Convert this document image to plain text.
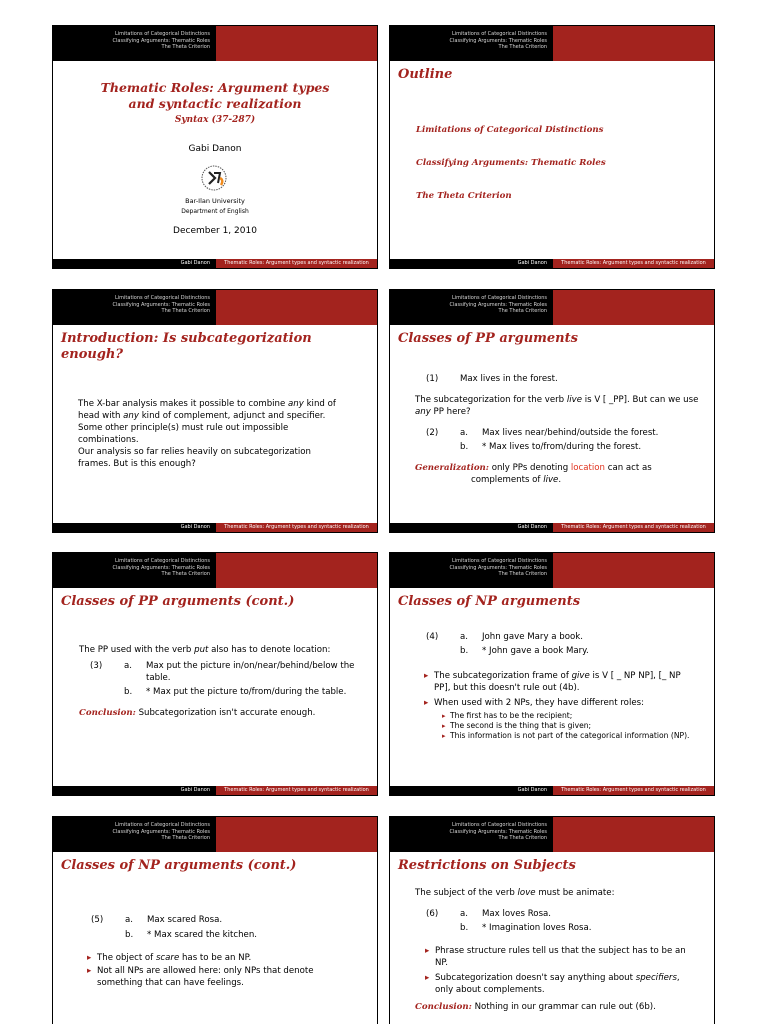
Limitations of Categorical Distinctions
Classifying Arguments: Thematic Roles
The Theta Criterion
Thematic Roles: Argument types and syntactic realization
Syntax (37-287)
Gabi Danon
Bar-Ilan University
Department of English
December 1, 2010
Gabi Danon	Thematic Roles: Argument types and syntactic realization
Limitations of Categorical Distinctions
Classifying Arguments: Thematic Roles
The Theta Criterion
Outline
Limitations of Categorical Distinctions
Classifying Arguments: Thematic Roles
The Theta Criterion
Gabi Danon	Thematic Roles: Argument types and syntactic realization
Limitations of Categorical Distinctions
Classifying Arguments: Thematic Roles
The Theta Criterion
Introduction: Is subcategorization enough?
The X-bar analysis makes it possible to combine any kind of head with any kind of complement, adjunct and specifier. Some other principle(s) must rule out impossible combinations.
Our analysis so far relies heavily on subcategorization frames. But is this enough?
Gabi Danon	Thematic Roles: Argument types and syntactic realization
Limitations of Categorical Distinctions
Classifying Arguments: Thematic Roles
The Theta Criterion
Classes of PP arguments
(1)	Max lives in the forest.
The subcategorization for the verb live is V [ _PP]. But can we use any PP here?
(2)	a.	Max lives near/behind/outside the forest.
b.	* Max lives to/from/during the forest.
Generalization: only PPs denoting location can act as complements of live.
Gabi Danon	Thematic Roles: Argument types and syntactic realization
Limitations of Categorical Distinctions
Classifying Arguments: Thematic Roles
The Theta Criterion
Classes of PP arguments (cont.)
The PP used with the verb put also has to denote location:
(3)	a.	Max put the picture in/on/near/behind/below the table.
b.	* Max put the picture to/from/during the table.
Conclusion: Subcategorization isn't accurate enough.
Gabi Danon	Thematic Roles: Argument types and syntactic realization
Limitations of Categorical Distinctions
Classifying Arguments: Thematic Roles
The Theta Criterion
Classes of NP arguments
(4)	a.	John gave Mary a book.
b.	* John gave a book Mary.
▸ The subcategorization frame of give is V [ _ NP NP], [_ NP PP], but this doesn't rule out (4b).
▸ When used with 2 NPs, they have different roles:
▸ The first has to be the recipient;
▸ The second is the thing that is given;
▸ This information is not part of the categorical information (NP).
Gabi Danon	Thematic Roles: Argument types and syntactic realization
Limitations of Categorical Distinctions
Classifying Arguments: Thematic Roles
The Theta Criterion
Classes of NP arguments (cont.)
(5)	a.	Max scared Rosa.
b.	* Max scared the kitchen.
▸ The object of scare has to be an NP.
▸ Not all NPs are allowed here: only NPs that denote something that can have feelings.
Limitations of Categorical Distinctions
Classifying Arguments: Thematic Roles
The Theta Criterion
Restrictions on Subjects
The subject of the verb love must be animate:
(6)	a.	Max loves Rosa.
b.	* Imagination loves Rosa.
▸ Phrase structure rules tell us that the subject has to be an NP.
▸ Subcategorization doesn't say anything about specifiers, only about complements.
Conclusion: Nothing in our grammar can rule out (6b).
